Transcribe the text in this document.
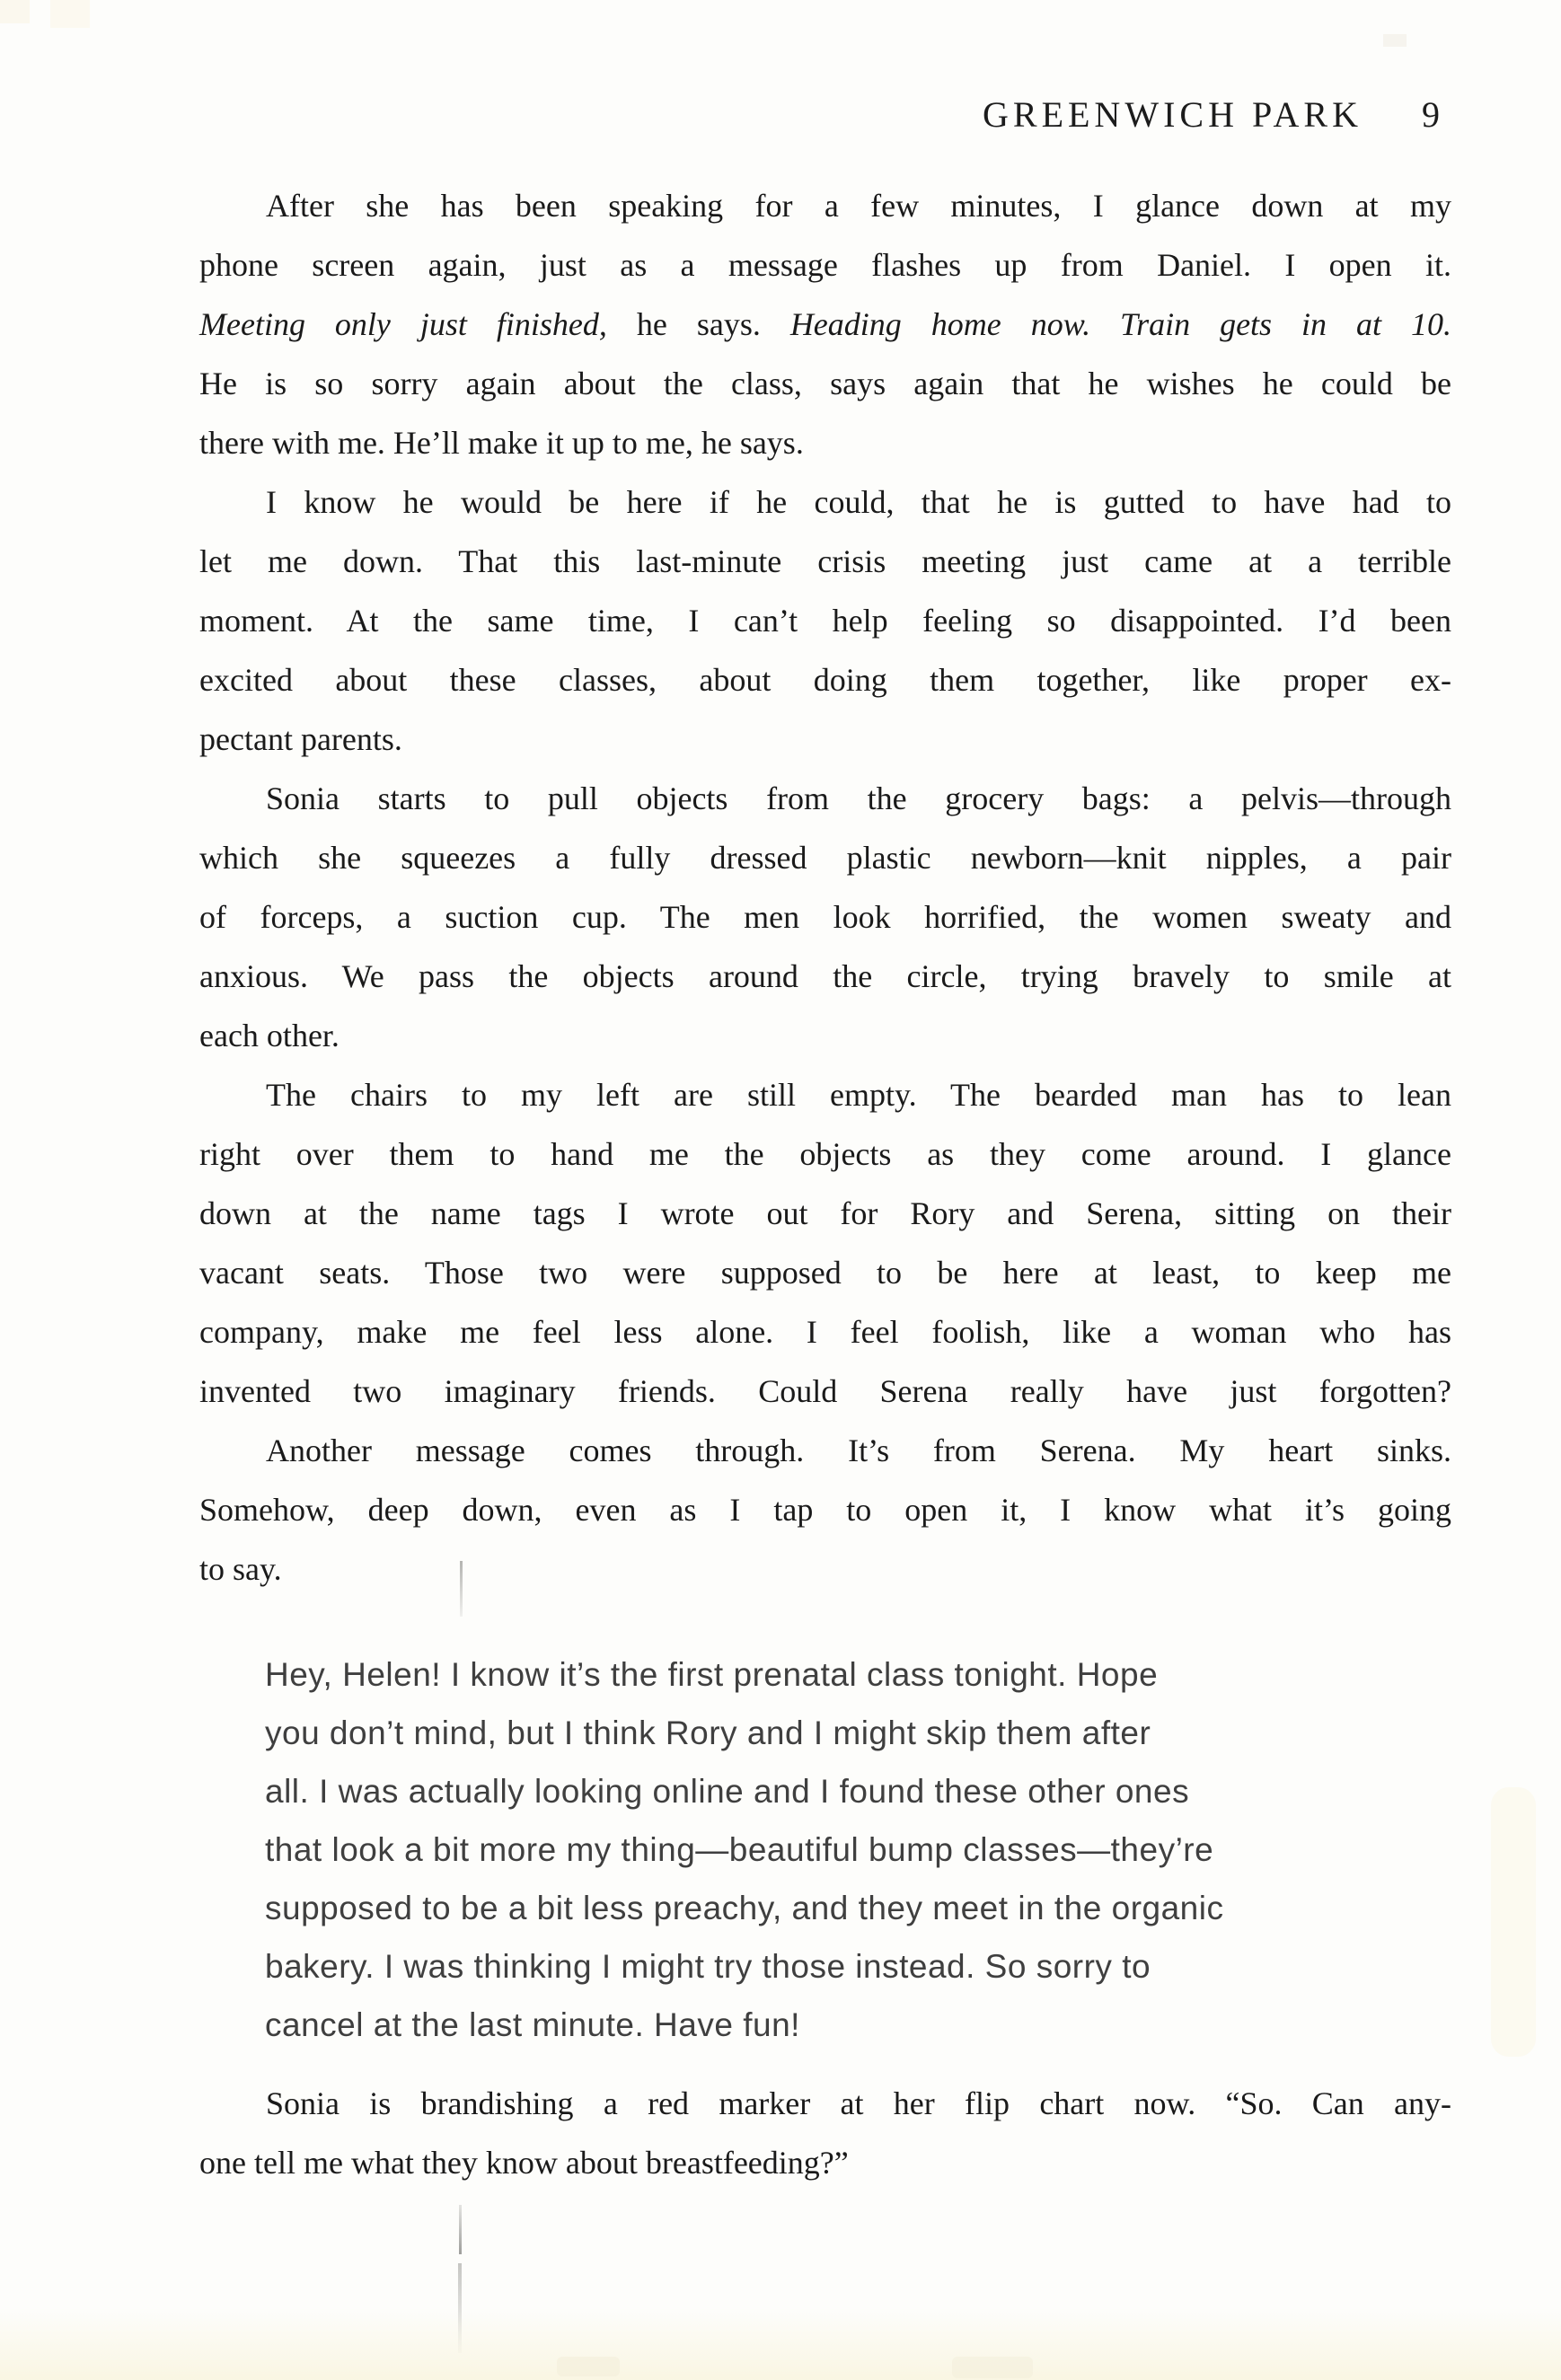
GREENWICH PARK 9
After she has been speaking for a few minutes, I glance down at my
phone screen again, just as a message flashes up from Daniel. I open it.
Meeting only just finished, he says. Heading home now. Train gets in at 10.
He is so sorry again about the class, says again that he wishes he could be
there with me. He’ll make it up to me, he says.
I know he would be here if he could, that he is gutted to have had to
let me down. That this last-minute crisis meeting just came at a terrible
moment. At the same time, I can’t help feeling so disappointed. I’d been
excited about these classes, about doing them together, like proper ex-
pectant parents.
Sonia starts to pull objects from the grocery bags: a pelvis—through
which she squeezes a fully dressed plastic newborn—knit nipples, a pair
of forceps, a suction cup. The men look horrified, the women sweaty and
anxious. We pass the objects around the circle, trying bravely to smile at
each other.
The chairs to my left are still empty. The bearded man has to lean
right over them to hand me the objects as they come around. I glance
down at the name tags I wrote out for Rory and Serena, sitting on their
vacant seats. Those two were supposed to be here at least, to keep me
company, make me feel less alone. I feel foolish, like a woman who has
invented two imaginary friends. Could Serena really have just forgotten?
Another message comes through. It’s from Serena. My heart sinks.
Somehow, deep down, even as I tap to open it, I know what it’s going
to say.
Hey, Helen! I know it’s the first prenatal class tonight. Hope
you don’t mind, but I think Rory and I might skip them after
all. I was actually looking online and I found these other ones
that look a bit more my thing—beautiful bump classes—they’re
supposed to be a bit less preachy, and they meet in the organic
bakery. I was thinking I might try those instead. So sorry to
cancel at the last minute. Have fun!
Sonia is brandishing a red marker at her flip chart now. “So. Can any-
one tell me what they know about breastfeeding?”
